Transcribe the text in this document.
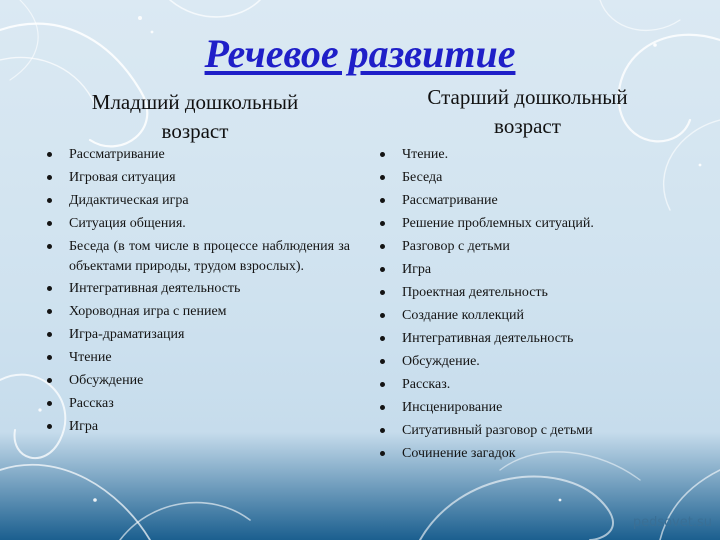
Речевое развитие
Младший дошкольный
возраст
Старший дошкольный
возраст
Рассматривание
Игровая ситуация
Дидактическая игра
Ситуация общения.
Беседа (в том числе в процессе наблюдения за объектами природы, трудом взрослых).
Интегративная деятельность
Хороводная игра с пением
Игра-драматизация
Чтение
Обсуждение
Рассказ
Игра
Чтение.
Беседа
Рассматривание
Решение проблемных ситуаций.
Разговор с детьми
Игра
Проектная деятельность
Создание коллекций
Интегративная деятельность
Обсуждение.
Рассказ.
Инсценирование
Ситуативный разговор с детьми
Сочинение загадок
pedsovet.su
